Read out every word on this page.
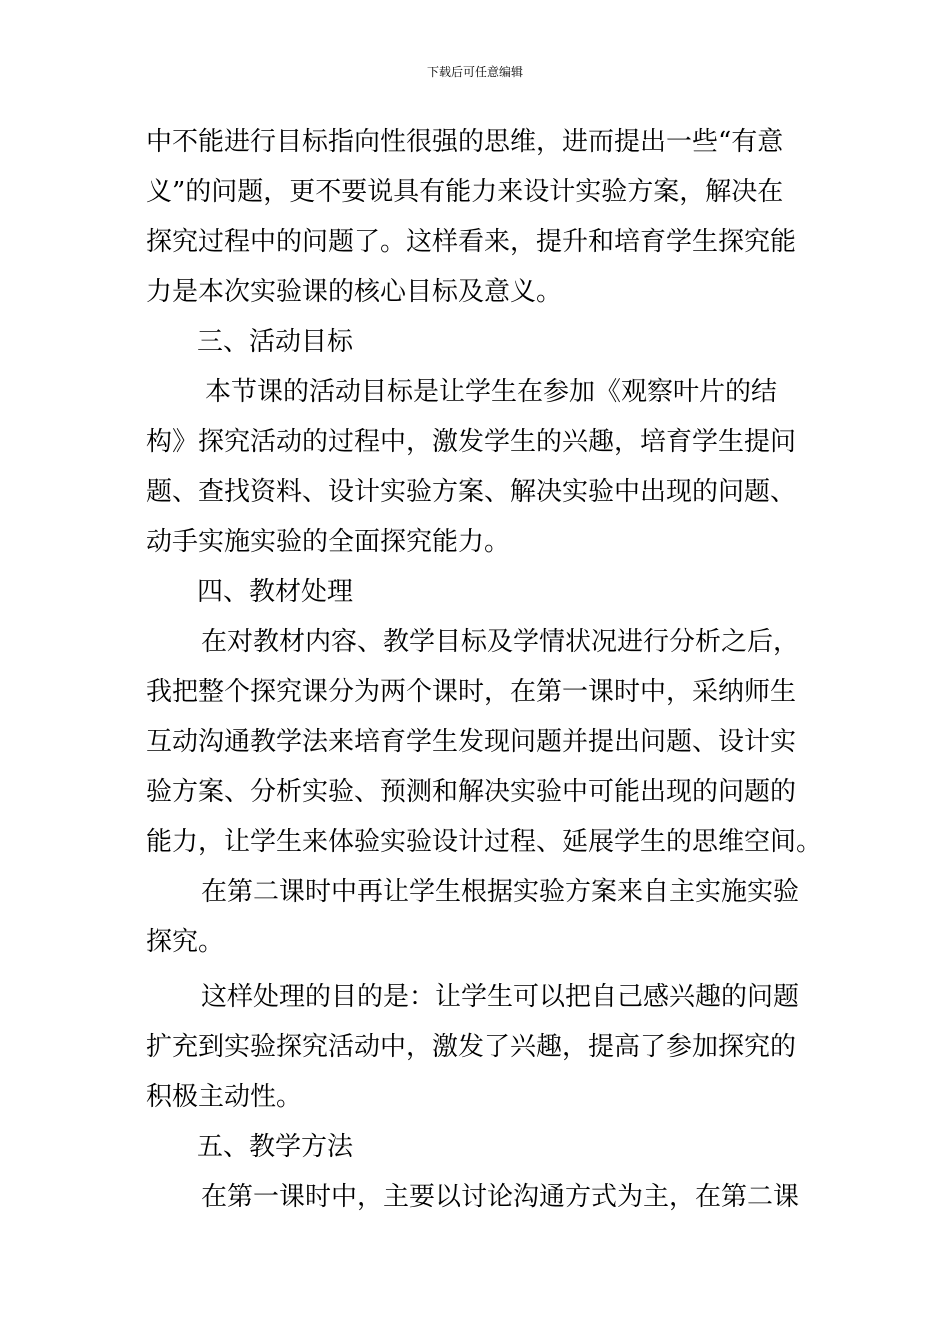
下载后可任意编辑
中不能进行目标指向性很强的思维，进而提出一些“有意
义”的问题，更不要说具有能力来设计实验方案，解决在
探究过程中的问题了。这样看来，提升和培育学生探究能
力是本次实验课的核心目标及意义。
三、活动目标
本节课的活动目标是让学生在参加《观察叶片的结
构》探究活动的过程中，激发学生的兴趣，培育学生提问
题、查找资料、设计实验方案、解决实验中出现的问题、
动手实施实验的全面探究能力。
四、教材处理
在对教材内容、教学目标及学情状况进行分析之后，
我把整个探究课分为两个课时，在第一课时中，采纳师生
互动沟通教学法来培育学生发现问题并提出问题、设计实
验方案、分析实验、预测和解决实验中可能出现的问题的
能力，让学生来体验实验设计过程、延展学生的思维空间。
在第二课时中再让学生根据实验方案来自主实施实验
探究。
这样处理的目的是：让学生可以把自己感兴趣的问题
扩充到实验探究活动中，激发了兴趣，提高了参加探究的
积极主动性。
五、教学方法
在第一课时中，主要以讨论沟通方式为主，在第二课
